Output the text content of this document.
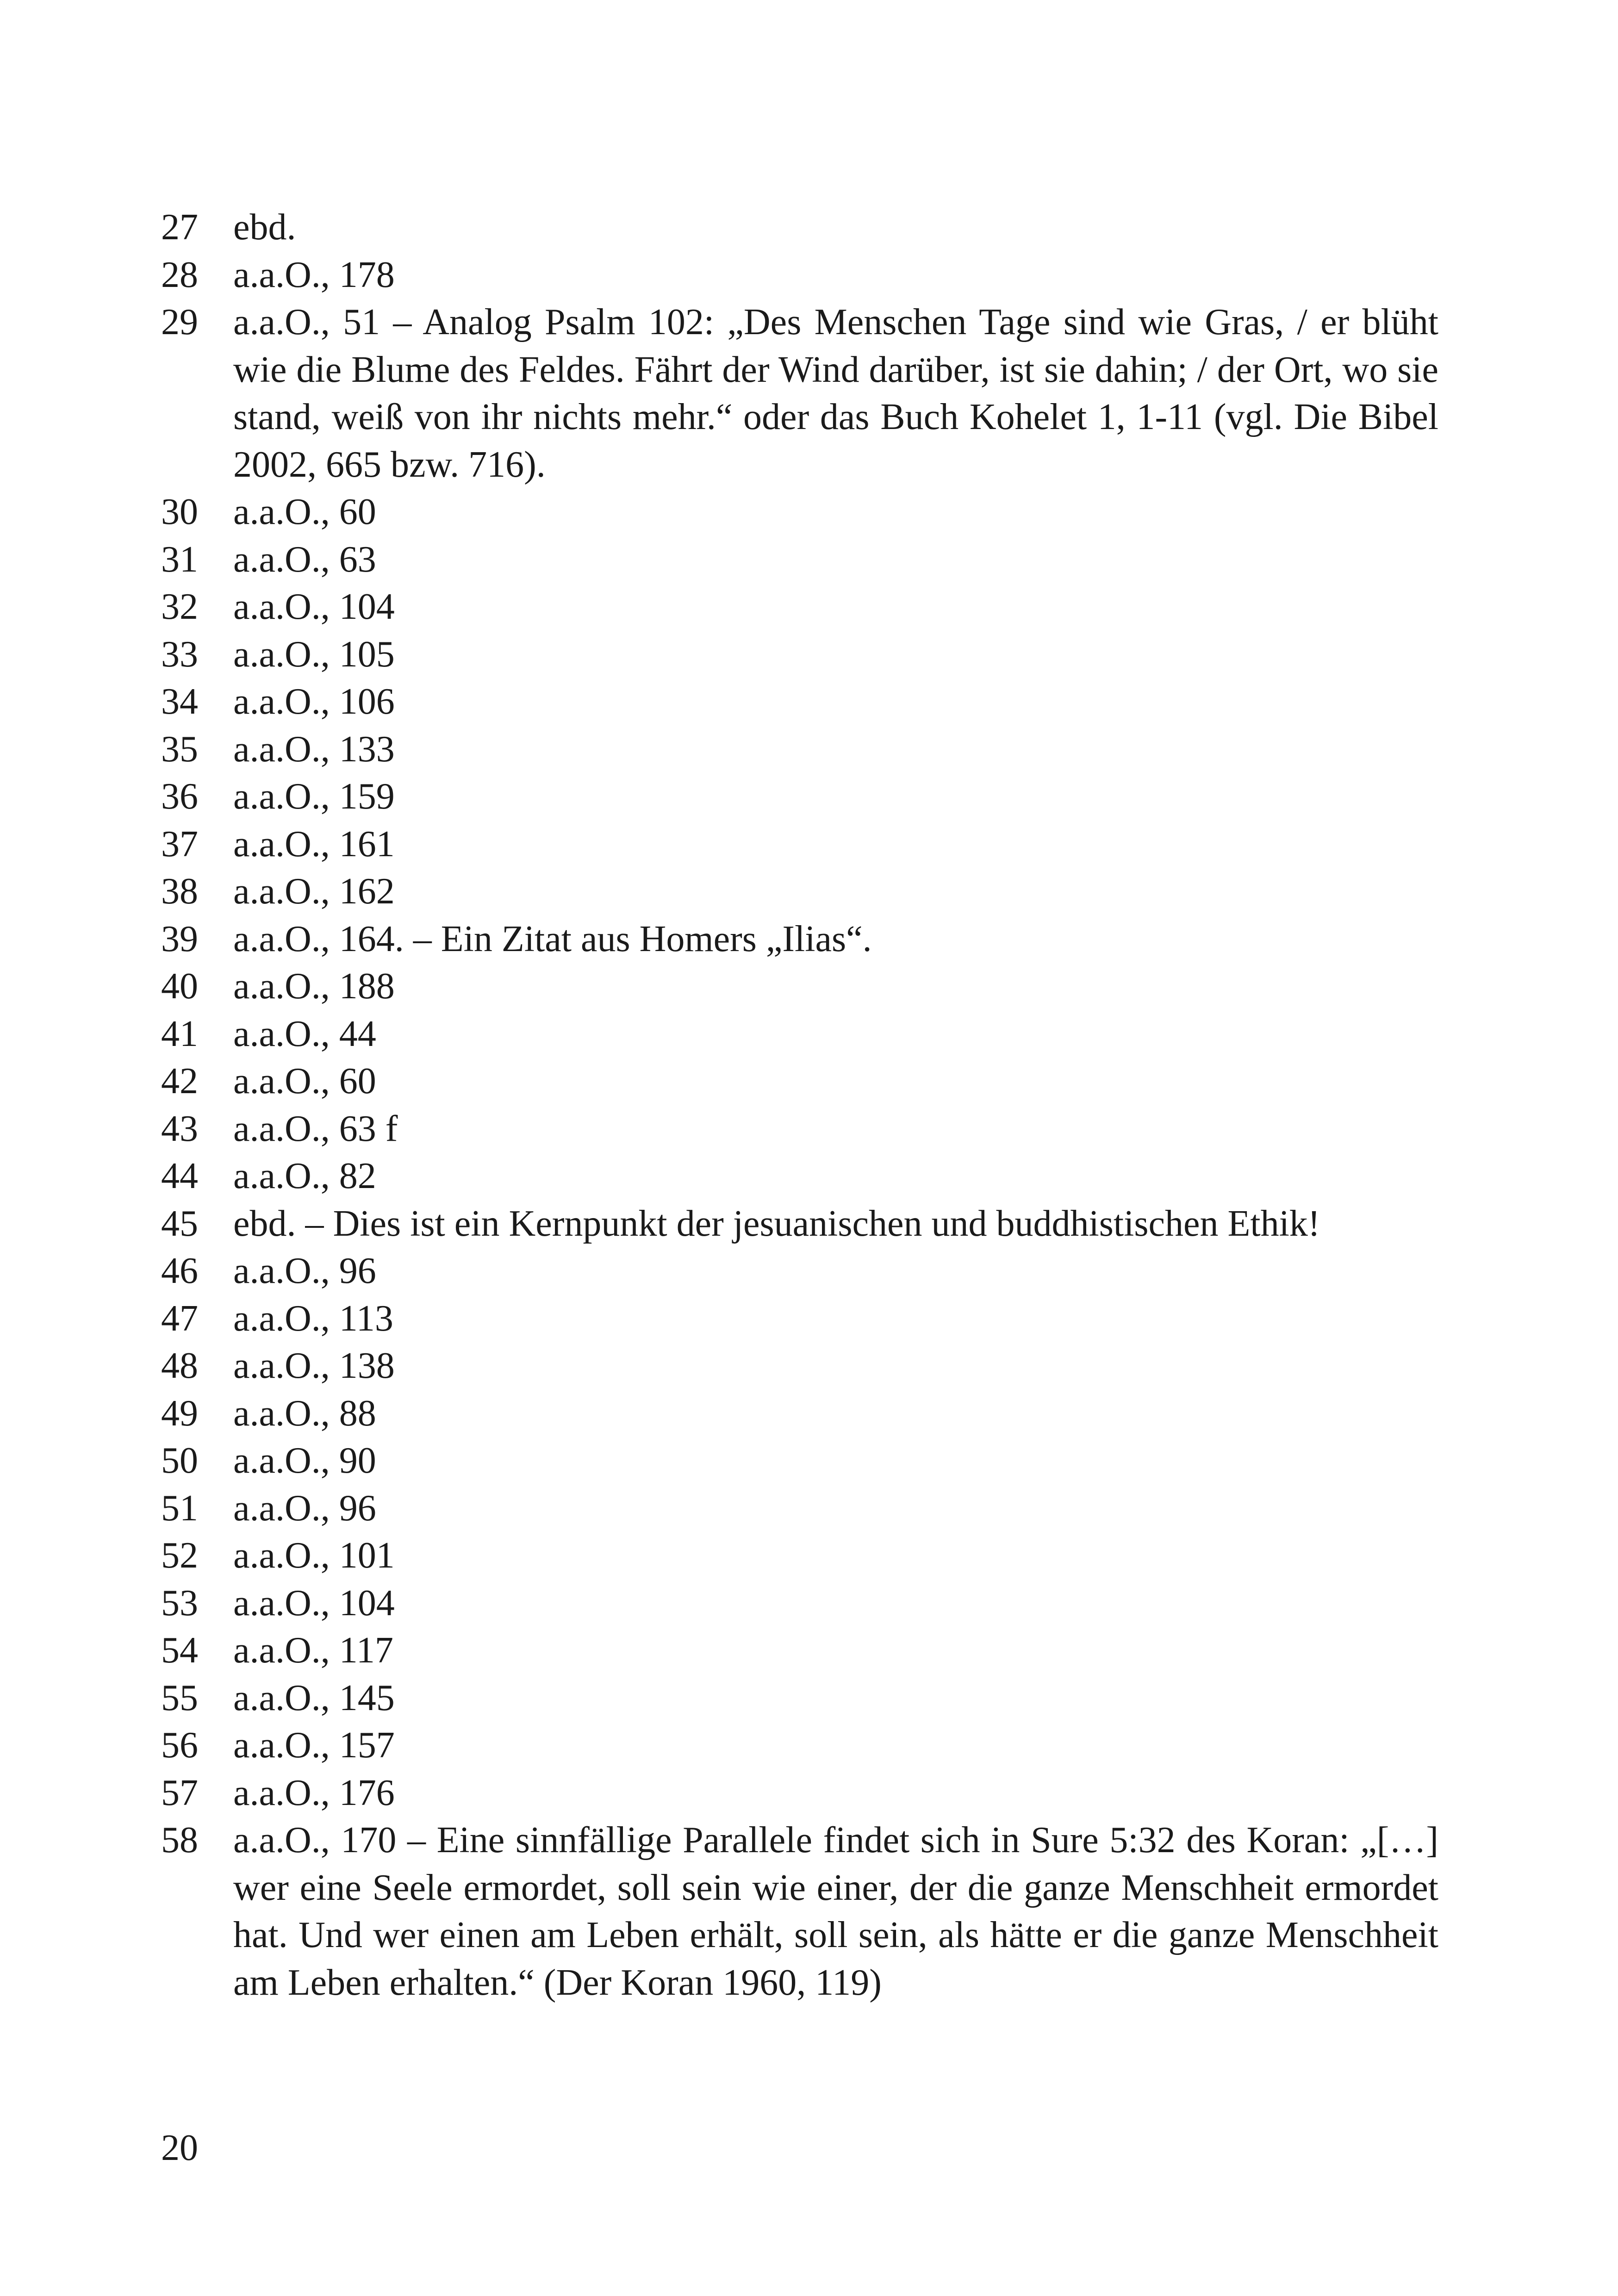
27 ebd.
28 a.a.O., 178
29 a.a.O., 51 – Analog Psalm 102: „Des Menschen Tage sind wie Gras, / er blüht wie die Blume des Feldes. Fährt der Wind darüber, ist sie dahin; / der Ort, wo sie stand, weiß von ihr nichts mehr.“ oder das Buch Kohelet 1, 1-11 (vgl. Die Bibel 2002, 665 bzw. 716).
30 a.a.O., 60
31 a.a.O., 63
32 a.a.O., 104
33 a.a.O., 105
34 a.a.O., 106
35 a.a.O., 133
36 a.a.O., 159
37 a.a.O., 161
38 a.a.O., 162
39 a.a.O., 164. – Ein Zitat aus Homers „Ilias“.
40 a.a.O., 188
41 a.a.O., 44
42 a.a.O., 60
43 a.a.O., 63 f
44 a.a.O., 82
45 ebd. – Dies ist ein Kernpunkt der jesuanischen und buddhistischen Ethik!
46 a.a.O., 96
47 a.a.O., 113
48 a.a.O., 138
49 a.a.O., 88
50 a.a.O., 90
51 a.a.O., 96
52 a.a.O., 101
53 a.a.O., 104
54 a.a.O., 117
55 a.a.O., 145
56 a.a.O., 157
57 a.a.O., 176
58 a.a.O., 170 – Eine sinnfällige Parallele findet sich in Sure 5:32 des Koran: „[…] wer eine Seele ermordet, soll sein wie einer, der die ganze Menschheit ermordet hat. Und wer einen am Leben erhält, soll sein, als hätte er die ganze Menschheit am Leben erhalten.“ (Der Koran 1960, 119)
20
